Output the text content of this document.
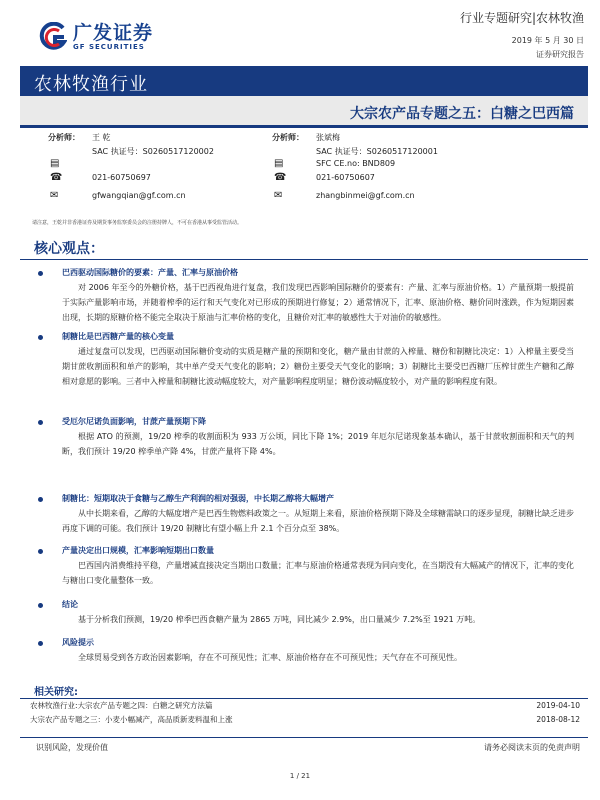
广发证券
GF SECURITIES
行业专题研究|农林牧渔
2019 年 5 月 30 日
证券研究报告
农林牧渔行业
大宗农产品专题之五：白糖之巴西篇
分析师： 王 乾
SAC 执证号：S0260517120002
▤
☎	021-60750697
✉	gfwangqian@gf.com.cn
分析师： 张斌梅
SAC 执证号：S0260517120001
▤	SFC CE.no: BND809
☎	021-60750607
✉	zhangbinmei@gf.com.cn
请注意，王乾并非香港证券及期货事务监察委员会的注册持牌人，不可在香港从事受监管活动。
核心观点：
巴西驱动国际糖价的要素：产量、汇率与原油价格
对 2006 年至今的外糖价格，基于巴西视角进行复盘，我们发现巴西影响国际糖价的要素有：产量、汇率与原油价格。1）产量预期一般提前于实际产量影响市场，并随着榨季的运行和天气变化对已形成的预期进行修复；2）通常情况下，汇率、原油价格、糖价同时涨跌，作为短期因素出现，长期的原糖价格不能完全取决于原油与汇率价格的变化，且糖价对汇率的敏感性大于对油价的敏感性。
制糖比是巴西糖产量的核心变量
通过复盘可以发现，巴西驱动国际糖价变动的实质是糖产量的预期和变化，糖产量由甘蔗的入榨量、糖份和制糖比决定：1）入榨量主要受当期甘蔗收割面积和单产的影响，其中单产受天气变化的影响；2）糖份主要受天气变化的影响；3）制糖比主要受巴西糖厂压榨甘蔗生产糖和乙醇相对意愿的影响。三者中入榨量和制糖比波动幅度较大，对产量影响程度明显；糖份波动幅度较小，对产量的影响程度有限。
受厄尔尼诺负面影响，甘蔗产量预期下降
根据 ATO 的预测，19/20 榨季的收割面积为 933 万公顷，同比下降 1%；2019 年厄尔尼诺现象基本确认，基于甘蔗收割面积和天气的判断，我们预计 19/20 榨季单产降 4%，甘蔗产量将下降 4%。
制糖比：短期取决于食糖与乙醇生产利润的相对强弱，中长期乙醇将大幅增产
从中长期来看，乙醇的大幅度增产是巴西生物燃料政策之一。从短期上来看，原油价格预期下降及全球糖需缺口的逐步显现，制糖比缺乏进步再度下调的可能。我们预计 19/20 制糖比有望小幅上升 2.1 个百分点至 38%。
产量决定出口规模，汇率影响短期出口数量
巴西国内消费维持平稳，产量增减直接决定当期出口数量；汇率与原油价格通常表现为同向变化，在当期没有大幅减产的情况下，汇率的变化与糖出口变化量整体一致。
结论
基于分析我们预测，19/20 榨季巴西食糖产量为 2865 万吨，同比减少 2.9%，出口量减少 7.2%至 1921 万吨。
风险提示
全球贸易受到各方政治因素影响，存在不可预见性；汇率、原油价格存在不可预见性；天气存在不可预见性。
相关研究:
农林牧渔行业:大宗农产品专题之四：白糖之研究方法篇	2019-04-10
大宗农产品专题之三：小麦小幅减产，高品质新麦料温和上涨	2018-08-12
识别风险，发现价值	请务必阅读末页的免责声明
1 / 21
